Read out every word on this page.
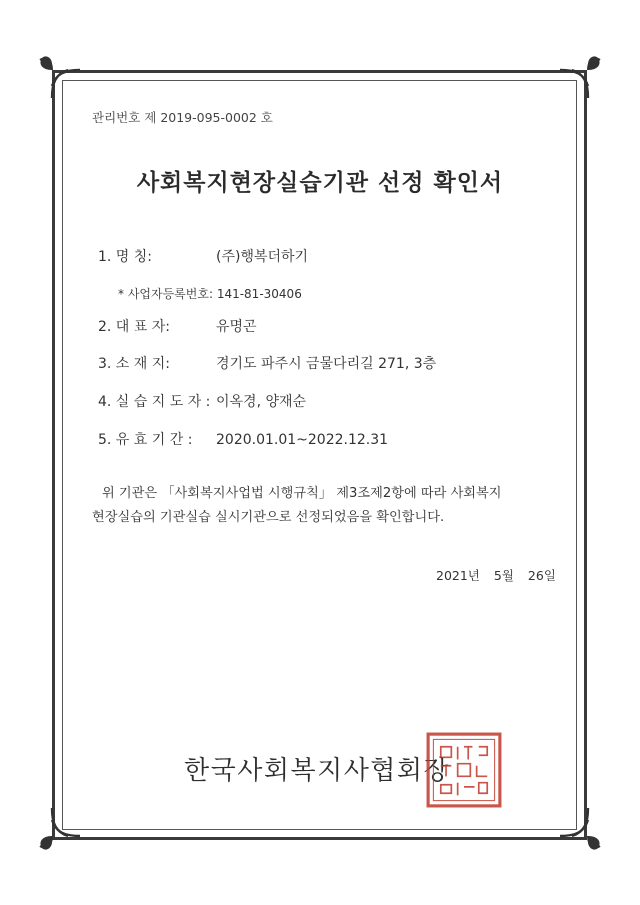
관리번호 제 2019-095-0002 호
사회복지현장실습기관 선정 확인서
1. 명 칭:	(주)행복더하기
* 사업자등록번호: 141-81-30406
2. 대 표 자:	유명곤
3. 소 재 지:	경기도 파주시 금물다리길 271, 3층
4. 실 습 지 도 자 : 이옥경, 양재순
5. 유 효 기 간 : 2020.01.01~2022.12.31

위 기관은 「사회복지사업법 시행규칙」 제3조제2항에 따라 사회복지

현장실습의 기관실습 실시기관으로 선정되었음을 확인합니다.

2021년 5월 26일
한국사회복지사협회장
